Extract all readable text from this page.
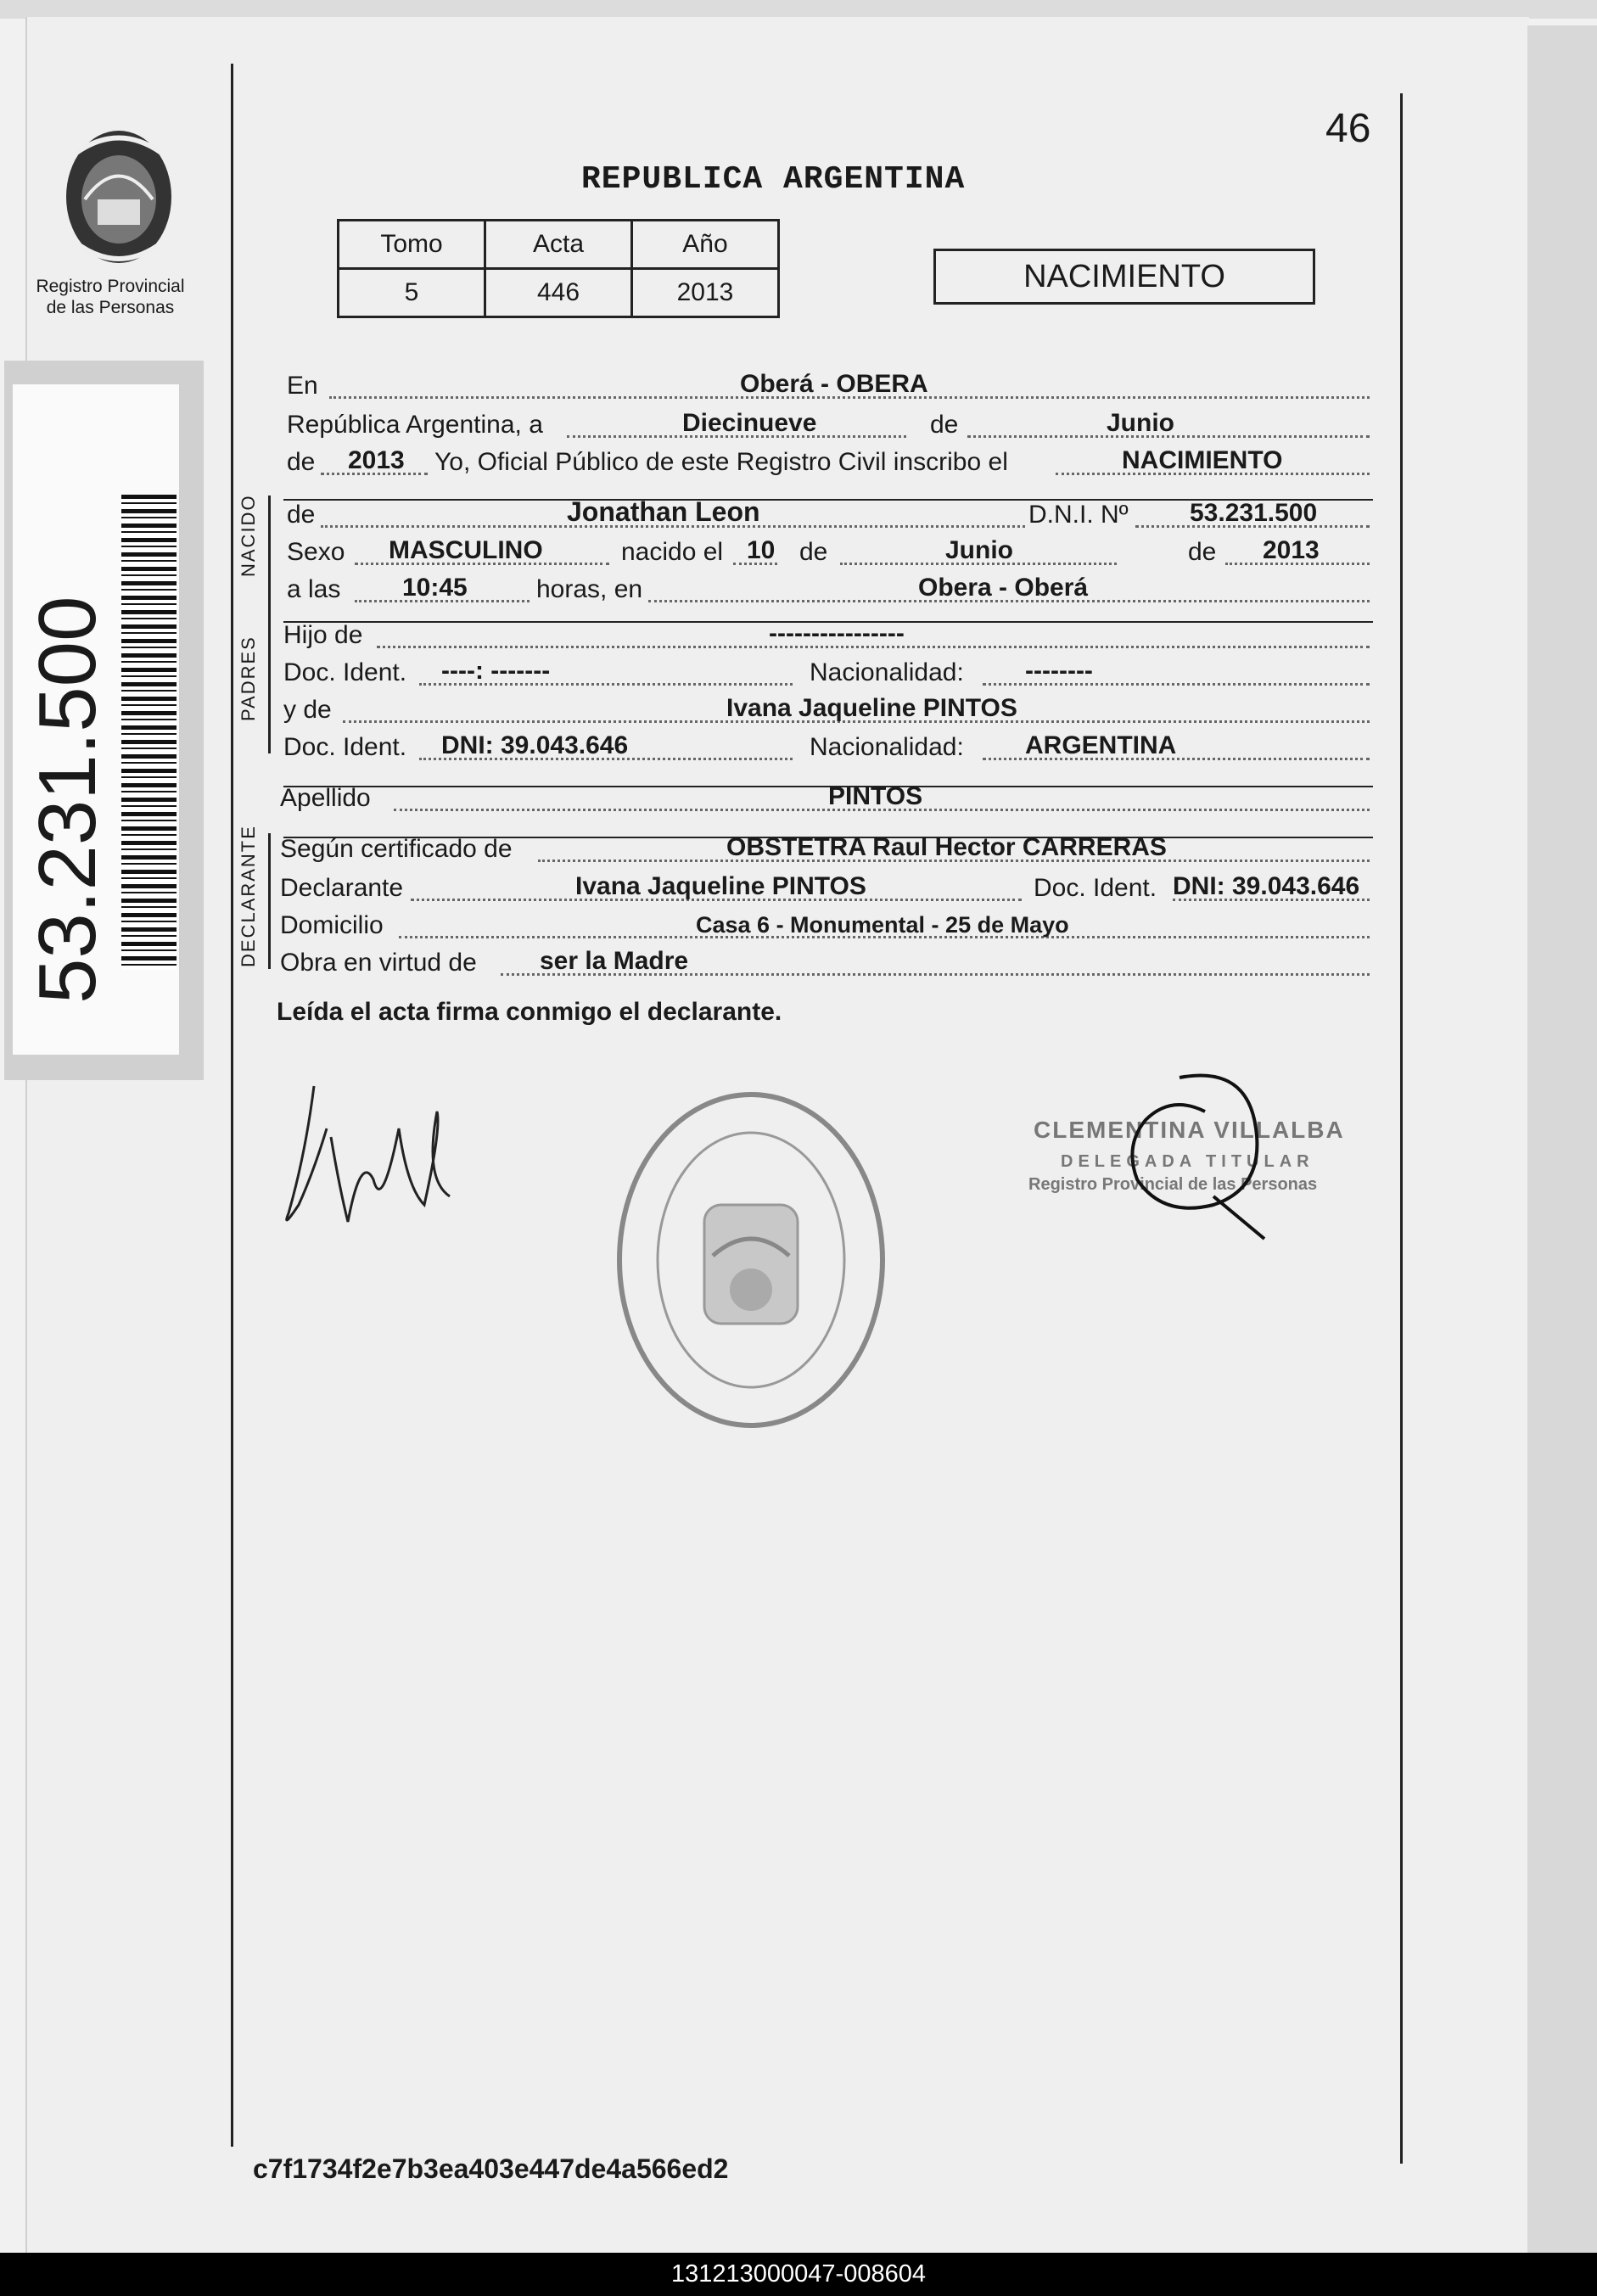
Registro Provincial de las Personas
53.231.500
46
REPUBLICA ARGENTINA
Tomo	Acta	Año
5	446	2013	NACIMIENTO
En	Oberá - OBERA
República Argentina, a	Diecinueve	de	Junio
de 2013 Yo, Oficial Público de este Registro Civil inscribo el	NACIMIENTO
NACIDO de	Jonathan Leon	D.N.I. Nº 53.231.500
Sexo MASCULINO	nacido el 10 de	Junio	de 2013
a las 10:45	horas, en	Obera - Oberá
PADRES
Hijo de	----------------
Doc. Ident. ----: -------	Nacionalidad: --------
y de	Ivana Jaqueline PINTOS
Doc. Ident. DNI: 39.043.646	Nacionalidad: ARGENTINA
Apellido	PINTOS
DECLARANTE Según certificado de	OBSTETRA Raul Hector CARRERAS
Declarante	Ivana Jaqueline PINTOS	Doc. Ident. DNI: 39.043.646
Domicilio	Casa 6 - Monumental - 25 de Mayo
Obra en virtud de ser la Madre
Leída el acta firma conmigo el declarante.
CLEMENTINA VILLALBA
DELEGADA TITULAR
Registro Provincial de las Personas
c7f1734f2e7b3ea403e447de4a566ed2
131213000047-008604
